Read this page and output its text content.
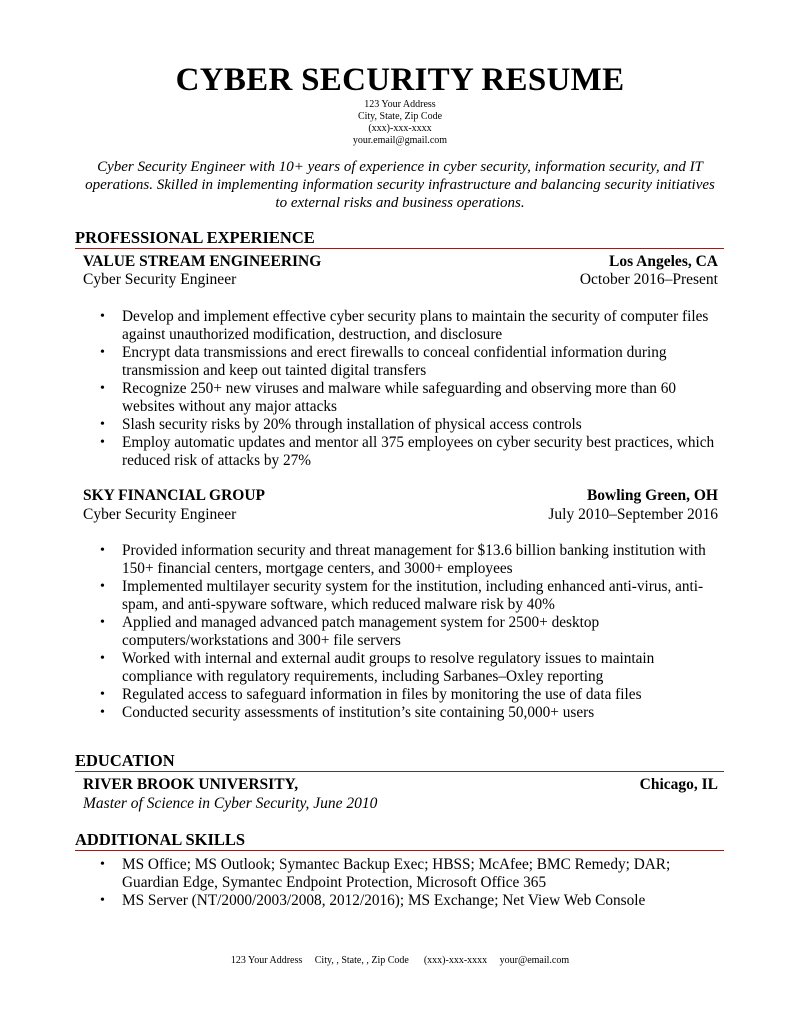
CYBER SECURITY RESUME
123 Your Address
City, State, Zip Code
(xxx)-xxx-xxxx
your.email@gmail.com
Cyber Security Engineer with 10+ years of experience in cyber security, information security, and IT operations. Skilled in implementing information security infrastructure and balancing security initiatives to external risks and business operations.
PROFESSIONAL EXPERIENCE
VALUE STREAM ENGINEERING	Los Angeles, CA
Cyber Security Engineer	October 2016–Present
• Develop and implement effective cyber security plans to maintain the security of computer files against unauthorized modification, destruction, and disclosure
• Encrypt data transmissions and erect firewalls to conceal confidential information during transmission and keep out tainted digital transfers
• Recognize 250+ new viruses and malware while safeguarding and observing more than 60 websites without any major attacks
• Slash security risks by 20% through installation of physical access controls
• Employ automatic updates and mentor all 375 employees on cyber security best practices, which reduced risk of attacks by 27%
SKY FINANCIAL GROUP	Bowling Green, OH
Cyber Security Engineer	July 2010–September 2016
• Provided information security and threat management for $13.6 billion banking institution with 150+ financial centers, mortgage centers, and 3000+ employees
• Implemented multilayer security system for the institution, including enhanced anti-virus, anti-spam, and anti-spyware software, which reduced malware risk by 40%
• Applied and managed advanced patch management system for 2500+ desktop computers/workstations and 300+ file servers
• Worked with internal and external audit groups to resolve regulatory issues to maintain compliance with regulatory requirements, including Sarbanes–Oxley reporting
• Regulated access to safeguard information in files by monitoring the use of data files
• Conducted security assessments of institution’s site containing 50,000+ users
EDUCATION
RIVER BROOK UNIVERSITY,	Chicago, IL
Master of Science in Cyber Security, June 2010
ADDITIONAL SKILLS
• MS Office; MS Outlook; Symantec Backup Exec; HBSS; McAfee; BMC Remedy; DAR; Guardian Edge, Symantec Endpoint Protection, Microsoft Office 365
• MS Server (NT/2000/2003/2008, 2012/2016); MS Exchange; Net View Web Console
123 Your Address     City, , State, , Zip Code      (xxx)-xxx-xxxx     your@email.com
